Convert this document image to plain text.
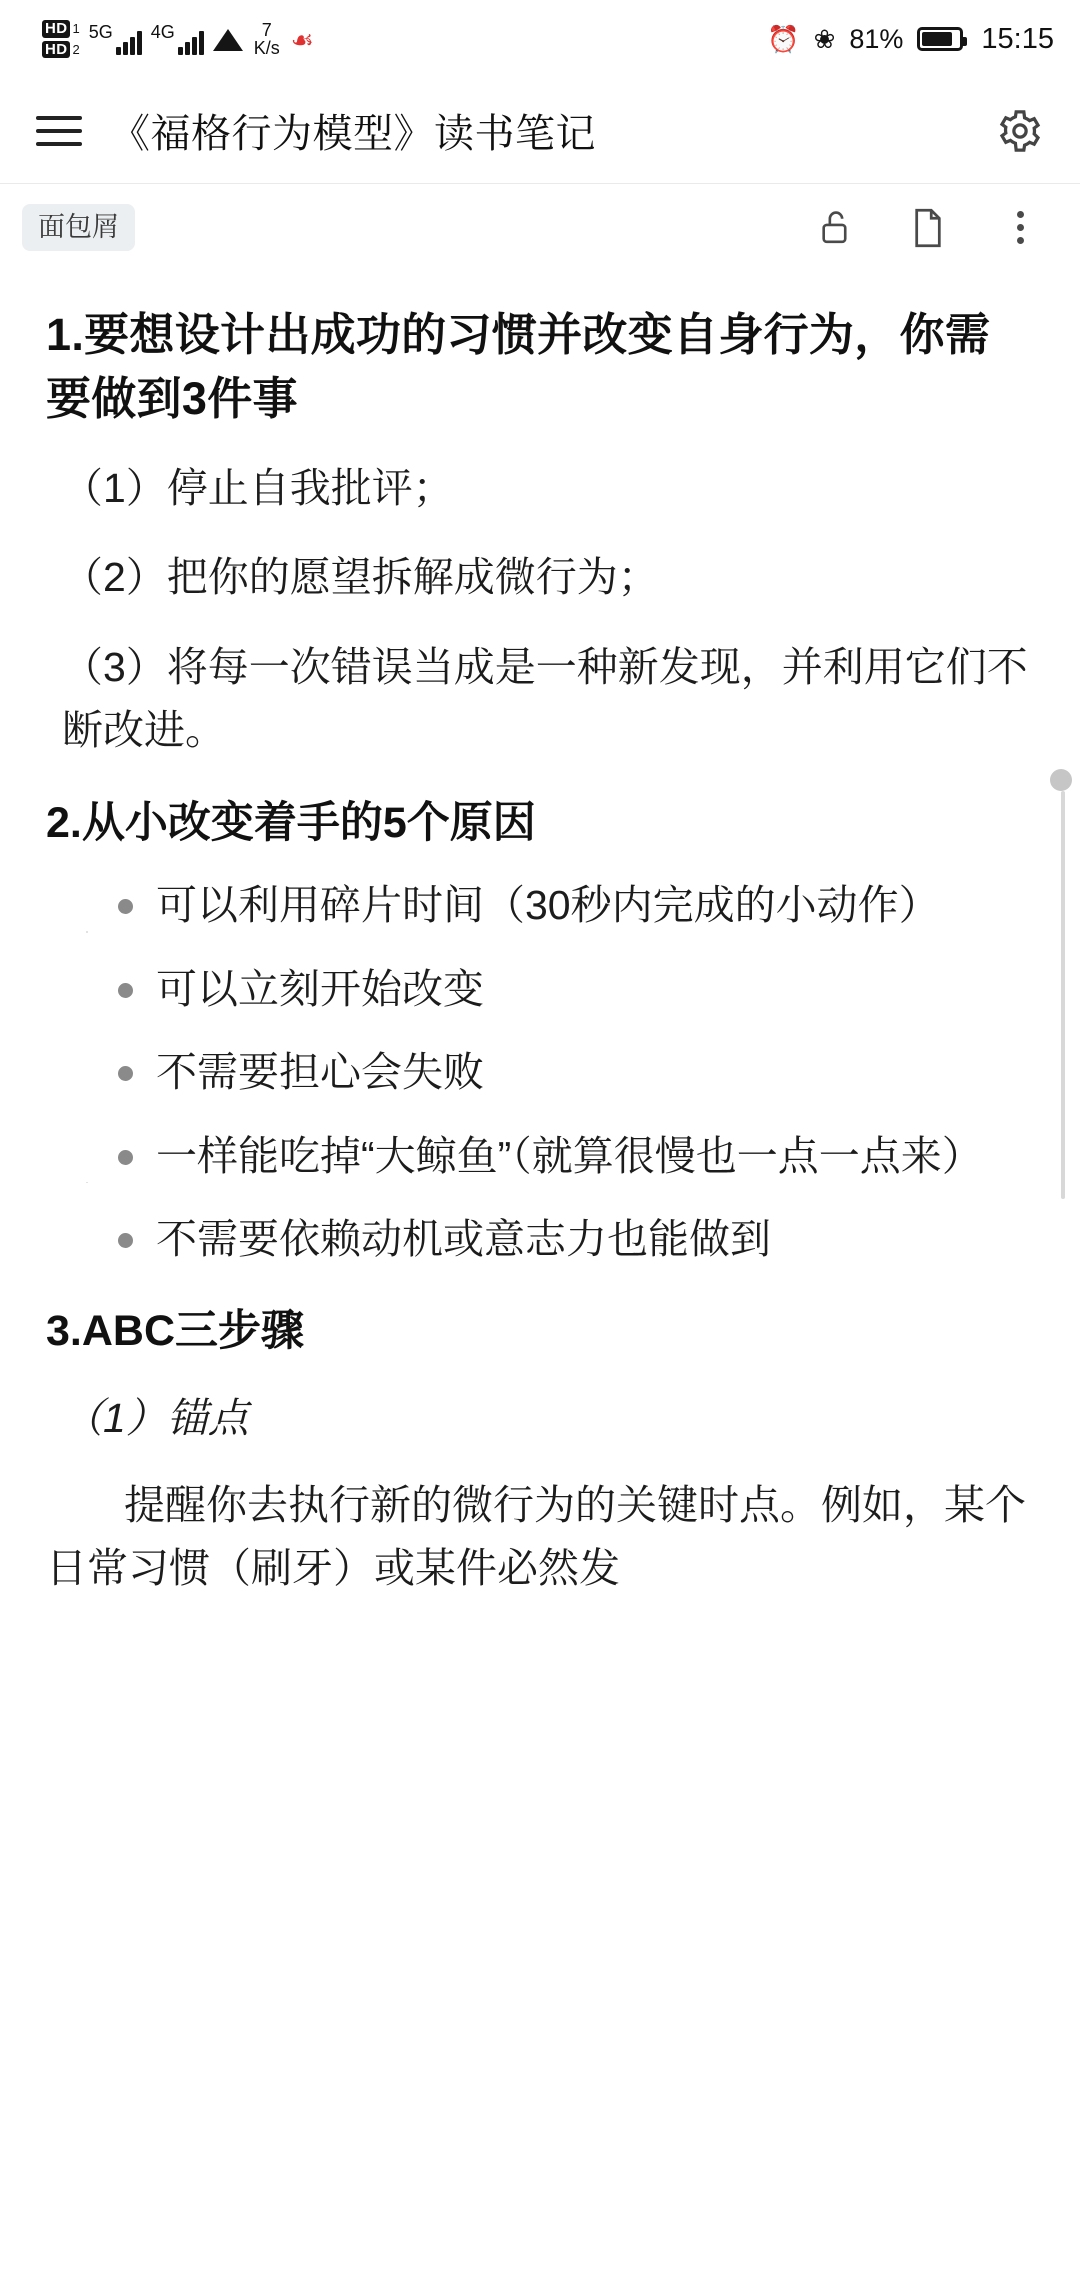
HD 1
HD 2
5G 4G	7
K/s ☙	⏰ ❀ 81%	15:15
《福格行为模型》读书笔记
面包屑
1.要想设计出成功的习惯并改变自身行为，你需要做到3件事
（1）停止自我批评；
（2）把你的愿望拆解成微行为；
（3）将每一次错误当成是一种新发现，并利用它们不断改进。
2.从小改变着手的5个原因
可以利用碎片时间（30秒内完成的小动作）
可以立刻开始改变
不需要担心会失败
一样能吃掉“大鲸鱼”（就算很慢也一点一点来）
不需要依赖动机或意志力也能做到
3.ABC三步骤
（1）锚点
提醒你去执行新的微行为的关键时点。例如，某个日常习惯（刷牙）或某件必然发
